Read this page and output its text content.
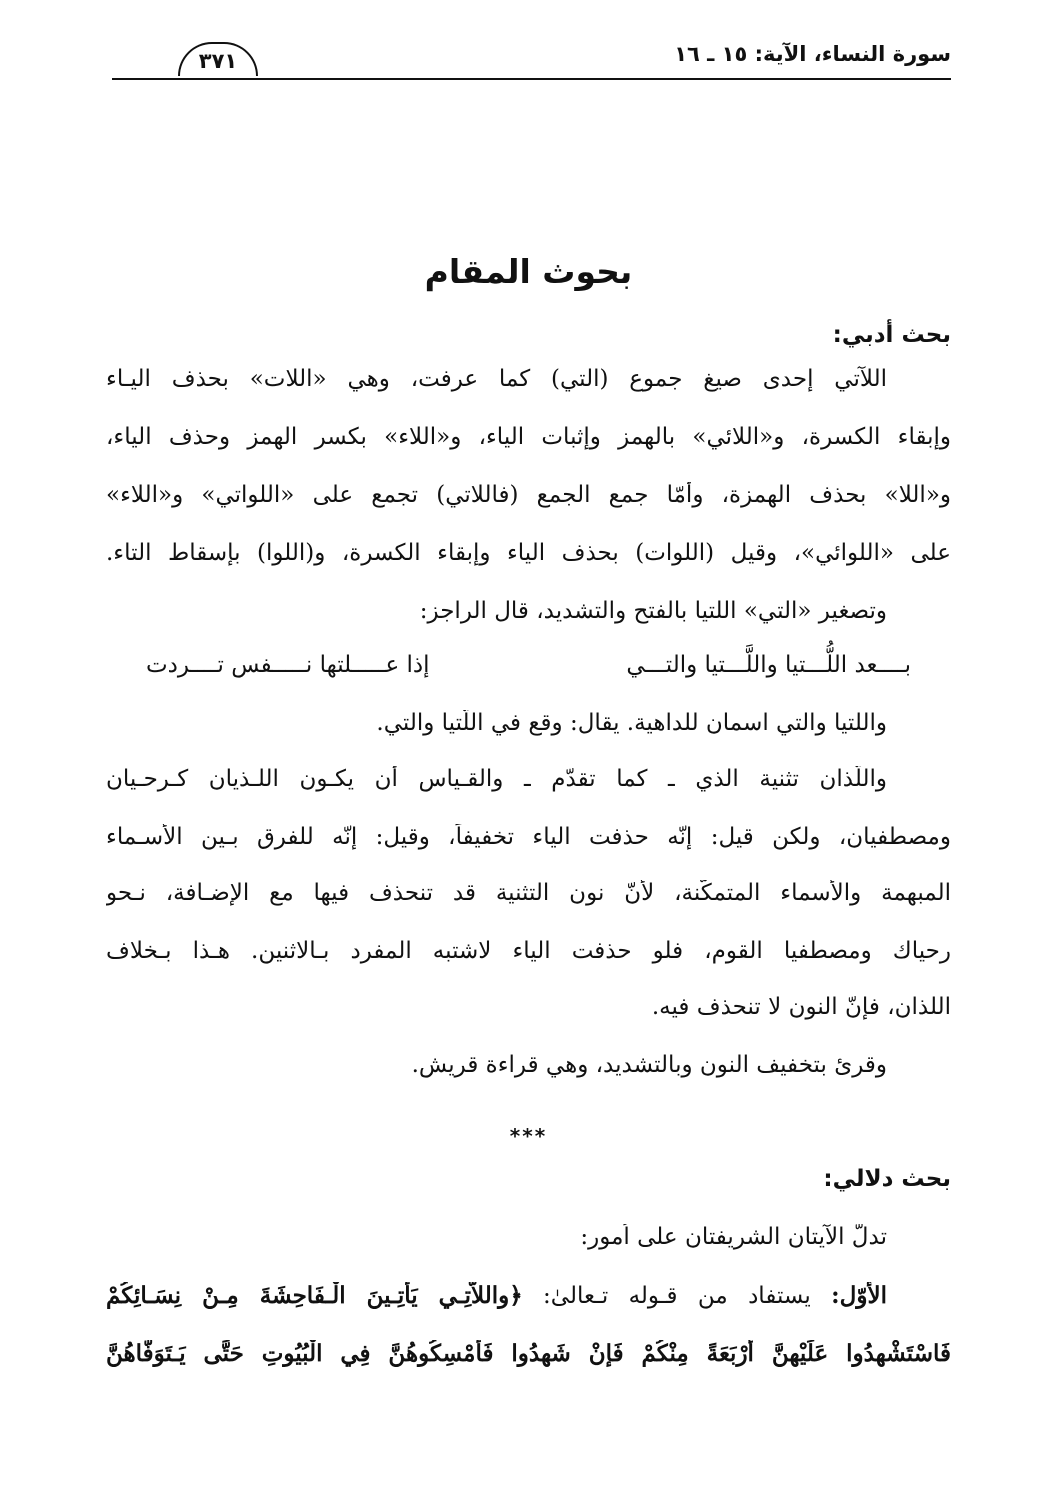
سورة النساء، الآية: ١٥ ـ ١٦
٣٧١
بحوث المقام
بحث أدبي:
اللآتي إحدى صيغ جموع (التي) كما عرفت، وهي «اللات» بحذف اليـاء
وإبقاء الكسرة، و«اللائي» بالهمز وإثبات الياء، و«اللاء» بكسر الهمز وحذف الياء،
و«اللا» بحذف الهمزة، وأمّا جمع الجمع (فاللاتي) تجمع على «اللواتي» و«اللاء»
على «اللوائي»، وقيل (اللوات) بحذف الياء وإبقاء الكسرة، و(اللوا) بإسقاط التاء.
وتصغير «التي» اللتيا بالفتح والتشديد، قال الراجز:
بــــعد اللُّـــتيا واللَّـــتيا والتـــي
إذا عـــــلتها نـــــفس تــــردت
واللتيا والتي اسمان للداهية. يقال: وقع في اللّتيا والتي.
واللّذان تثنية الذي ـ كما تقدّم ـ والقـياس أن يكـون اللـذيان كـرحـيان
ومصطفيان، ولكن قيل: إنّه حذفت الياء تخفيفاً، وقيل: إنّه للفرق بـين الأسـماء
المبهمة والأسماء المتمكّنة، لأنّ نون التثنية قد تنحذف فيها مع الإضـافة، نـحو
رحياك ومصطفيا القوم، فلو حذفت الياء لاشتبه المفرد بـالاثنين. هـذا بـخلاف
اللذان، فإنّ النون لا تنحذف فيه.
وقرئ بتخفيف النون وبالتشديد، وهي قراءة قريش.
***
بحث دلالي:
تدلّ الآيتان الشريفتان على اُمور:
الأوّل: يستفاد من قـوله تـعالىٰ: ﴿واللاّتِـي يَأْتِـينَ الْـفَاحِشَةَ مِـنْ نِسَـائِكُمْ
فَاسْتَشْهِدُوا عَلَيْهِنَّ أَرْبَعَةً مِنْكُمْ فَإِنْ شَهِدُوا فَأَمْسِكُوهُنَّ فِي الْبُيُوتِ حَتَّى يَـتَوَفَّاهُنَّ
